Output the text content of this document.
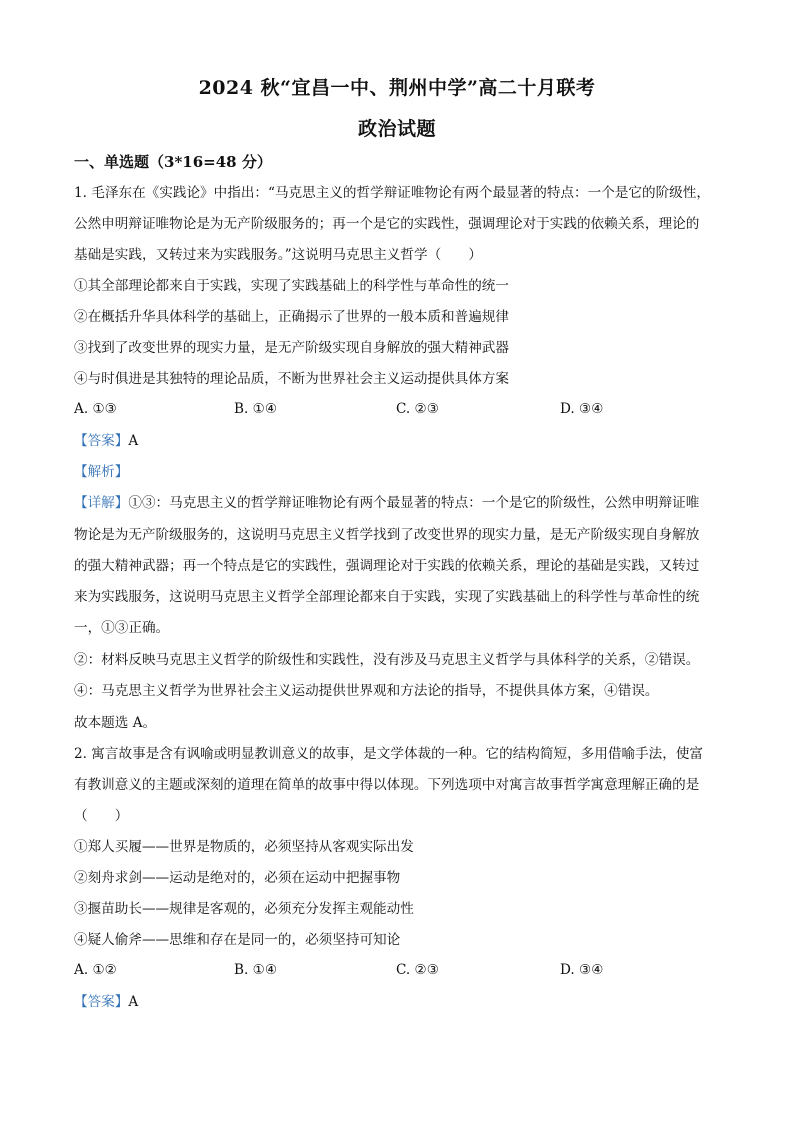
2024 秋“宜昌一中、荆州中学”高二十月联考
政治试题
一、单选题（3*16=48 分）
1. 毛泽东在《实践论》中指出：“马克思主义的哲学辩证唯物论有两个最显著的特点：一个是它的阶级性，
公然申明辩证唯物论是为无产阶级服务的；再一个是它的实践性，强调理论对于实践的依赖关系，理论的
基础是实践，又转过来为实践服务。”这说明马克思主义哲学（　　）
①其全部理论都来自于实践，实现了实践基础上的科学性与革命性的统一
②在概括升华具体科学的基础上，正确揭示了世界的一般本质和普遍规律
③找到了改变世界的现实力量，是无产阶级实现自身解放的强大精神武器
④与时俱进是其独特的理论品质，不断为世界社会主义运动提供具体方案
A. ①③	B. ①④	C. ②③	D. ③④
【答案】A
【解析】
【详解】①③：马克思主义的哲学辩证唯物论有两个最显著的特点：一个是它的阶级性，公然申明辩证唯
物论是为无产阶级服务的，这说明马克思主义哲学找到了改变世界的现实力量，是无产阶级实现自身解放
的强大精神武器；再一个特点是它的实践性，强调理论对于实践的依赖关系，理论的基础是实践，又转过
来为实践服务，这说明马克思主义哲学全部理论都来自于实践，实现了实践基础上的科学性与革命性的统
一，①③正确。
②：材料反映马克思主义哲学的阶级性和实践性，没有涉及马克思主义哲学与具体科学的关系，②错误。
④：马克思主义哲学为世界社会主义运动提供世界观和方法论的指导，不提供具体方案，④错误。
故本题选 A。
2. 寓言故事是含有讽喻或明显教训意义的故事，是文学体裁的一种。它的结构简短，多用借喻手法，使富
有教训意义的主题或深刻的道理在简单的故事中得以体现。下列选项中对寓言故事哲学寓意理解正确的是
（　　）
①郑人买履——世界是物质的，必须坚持从客观实际出发
②刻舟求剑——运动是绝对的，必须在运动中把握事物
③揠苗助长——规律是客观的，必须充分发挥主观能动性
④疑人偷斧——思维和存在是同一的，必须坚持可知论
A. ①②	B. ①④	C. ②③	D. ③④
【答案】A
